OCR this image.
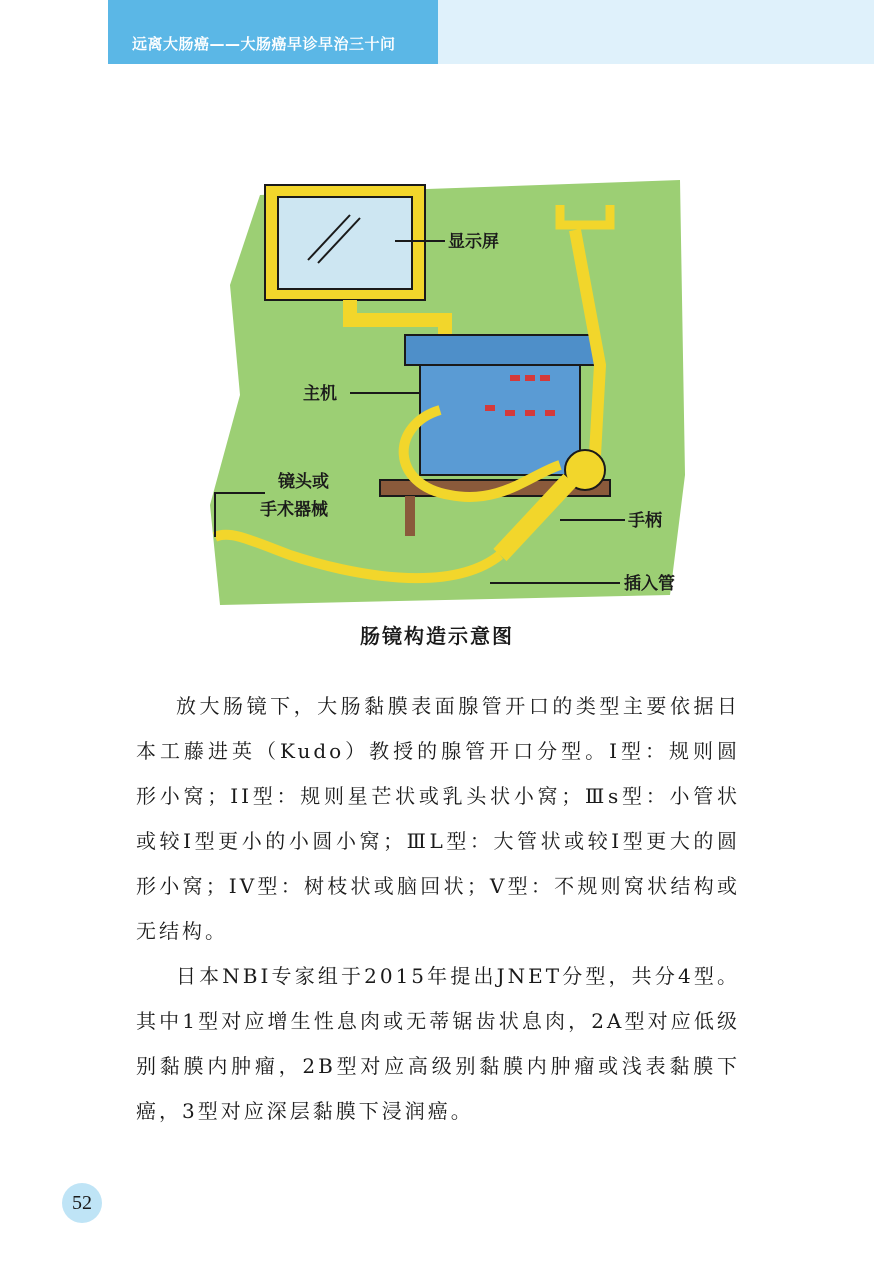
远离大肠癌——大肠癌早诊早治三十问
显示屏
主机
镜头或
手术器械
手柄
插入管
肠镜构造示意图

放大肠镜下，大肠黏膜表面腺管开口的类型主要依据日本工藤进英（Kudo）教授的腺管开口分型。I型：规则圆形小窝；II型：规则星芒状或乳头状小窝；Ⅲs型：小管状或较I型更小的小圆小窝；ⅢL型：大管状或较I型更大的圆形小窝；IV型：树枝状或脑回状；V型：不规则窝状结构或无结构。

日本NBI专家组于2015年提出JNET分型，共分4型。其中1型对应增生性息肉或无蒂锯齿状息肉，2A型对应低级别黏膜内肿瘤，2B型对应高级别黏膜内肿瘤或浅表黏膜下癌，3型对应深层黏膜下浸润癌。

52
